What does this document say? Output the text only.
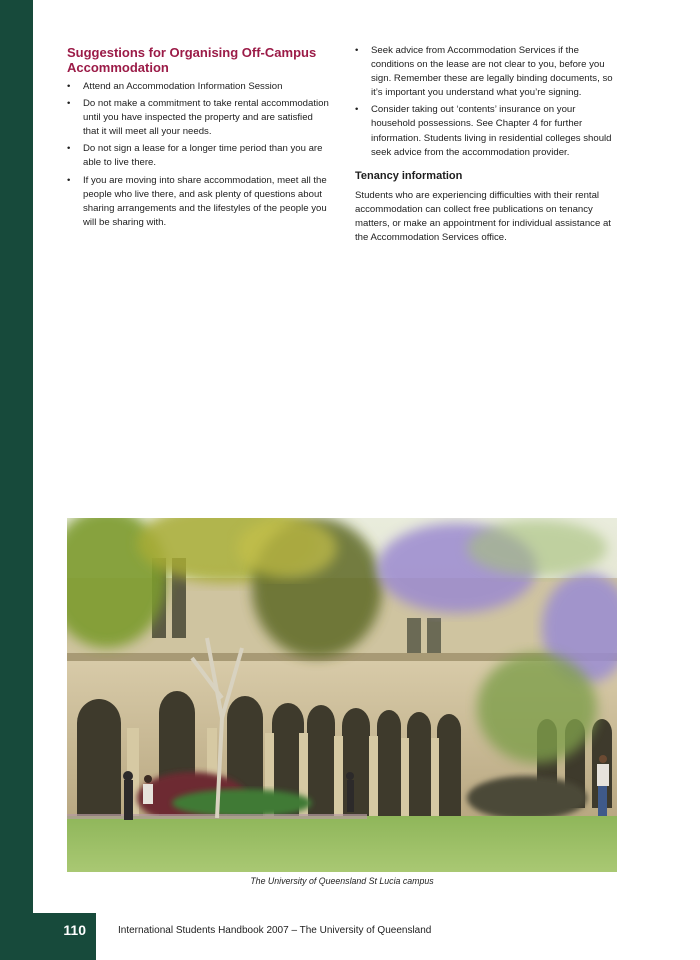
Suggestions for Organising Off-Campus Accommodation
•	Attend an Accommodation Information Session
•	Do not make a commitment to take rental accommodation until you have inspected the property and are satisfied that it will meet all your needs.
•	Do not sign a lease for a longer time period than you are able to live there.
•	If you are moving into share accommodation, meet all the people who live there, and ask plenty of questions about sharing arrangements and the lifestyles of the people you will be sharing with.
•	Seek advice from Accommodation Services if the conditions on the lease are not clear to you, before you sign. Remember these are legally binding documents, so it’s important you understand what you’re signing.
•	Consider taking out ‘contents’ insurance on your household possessions. See Chapter 4 for further information. Students living in residential colleges should seek advice from the accommodation provider.
Tenancy information

Students who are experiencing difficulties with their rental accommodation can collect free publications on tenancy matters, or make an appointment for individual assistance at the Accommodation Services office.

The University of Queensland St Lucia campus
110	International Students Handbook 2007 – The University of Queensland
